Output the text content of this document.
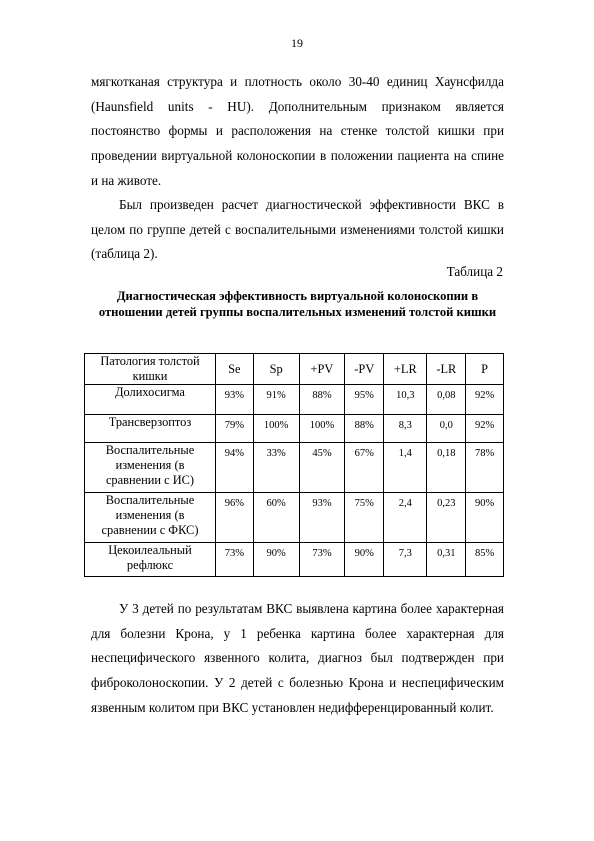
19

мягкотканая структура и плотность около 30-40 единиц Хаунсфилда (Haunsfield units - HU). Дополнительным признаком является постоянство формы и расположения на стенке толстой кишки при проведении виртуальной колоноскопии в положении пациента на спине и на животе.

Был произведен расчет диагностической эффективности ВКС в целом по группе детей с воспалительными изменениями толстой кишки (таблица 2).

Таблица 2
Диагностическая эффективность виртуальной колоноскопии в отношении детей группы воспалительных изменений толстой кишки
Патология толстой кишки	Se	Sp	+PV	-PV	+LR	-LR	P
Долихосигма	93%	91%	88%	95%	10,3	0,08	92%
Трансверзоптоз	79%	100%	100%	88%	8,3	0,0	92%
Воспалительные изменения (в сравнении с ИС)	94%	33%	45%	67%	1,4	0,18	78%
Воспалительные изменения (в сравнении с ФКС)	96%	60%	93%	75%	2,4	0,23	90%
Цекоилеальный рефлюкс	73%	90%	73%	90%	7,3	0,31	85%

У 3 детей по результатам ВКС выявлена картина более характерная для болезни Крона, у 1 ребенка картина более характерная для неспецифического язвенного колита, диагноз был подтвержден при фиброколоноскопии. У 2 детей с болезнью Крона и неспецифическим язвенным колитом при ВКС установлен недифференцированный колит.
